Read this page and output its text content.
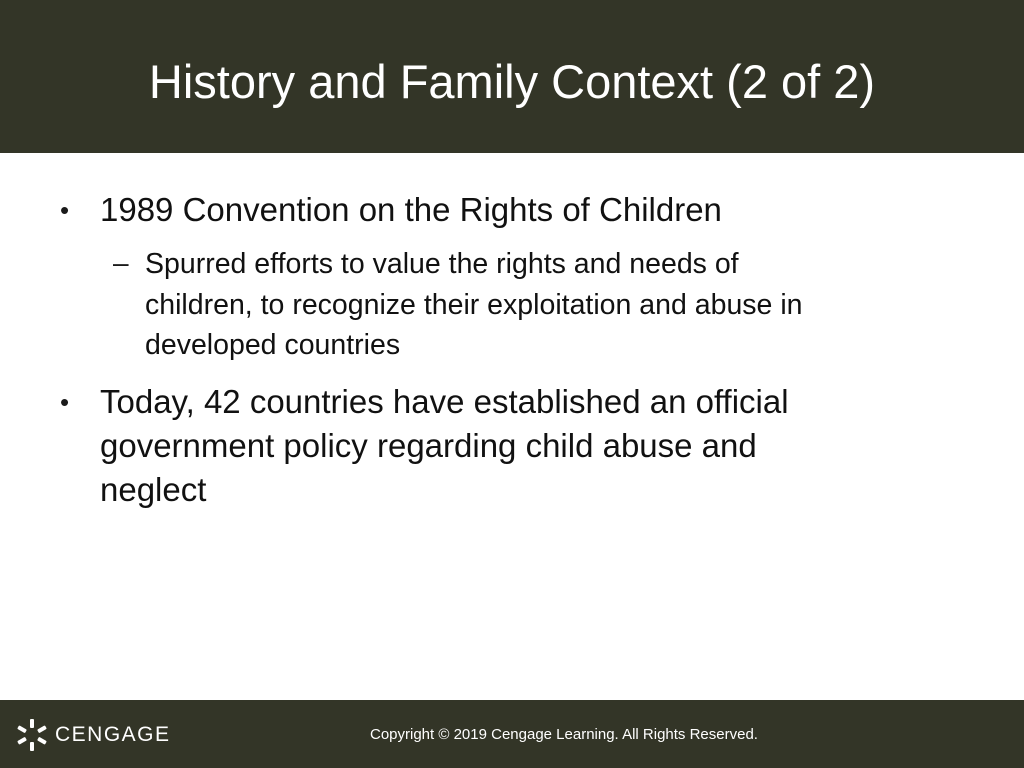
History and Family Context (2 of 2)
• 1989 Convention on the Rights of Children
– Spurred efforts to value the rights and needs of
children, to recognize their exploitation and abuse in
developed countries
• Today, 42 countries have established an official
government policy regarding child abuse and
neglect
CENGAGE	Copyright © 2019 Cengage Learning. All Rights Reserved.
